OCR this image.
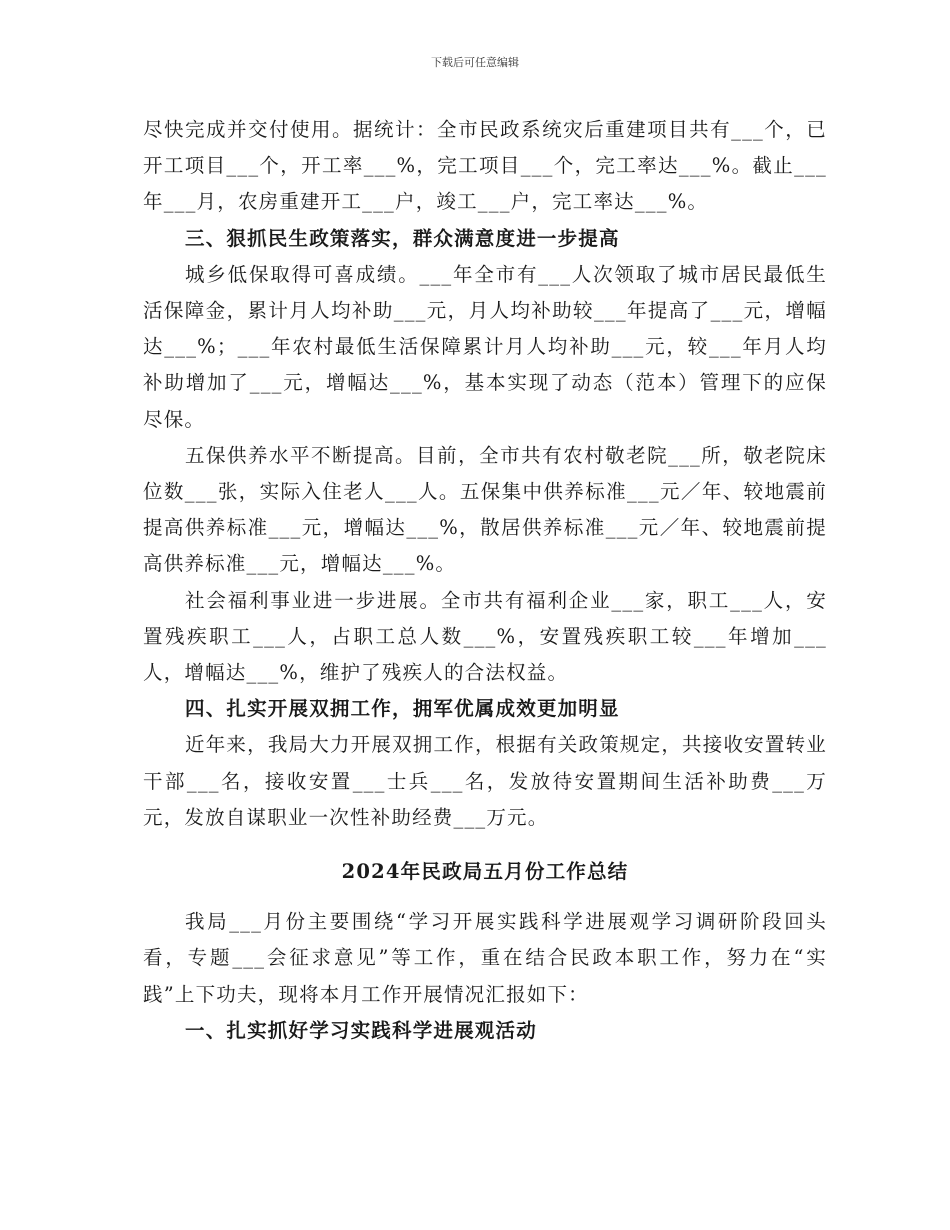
下载后可任意编辑

尽快完成并交付使用。据统计：全市民政系统灾后重建项目共有___个，已开工项目___个，开工率___%，完工项目___个，完工率达___%。截止___年___月，农房重建开工___户，竣工___户，完工率达___%。

三、狠抓民生政策落实，群众满意度进一步提高

城乡低保取得可喜成绩。___年全市有___人次领取了城市居民最低生活保障金，累计月人均补助___元，月人均补助较___年提高了___元，增幅达___%；___年农村最低生活保障累计月人均补助___元，较___年月人均补助增加了___元，增幅达___%，基本实现了动态（范本）管理下的应保尽保。

五保供养水平不断提高。目前，全市共有农村敬老院___所，敬老院床位数___张，实际入住老人___人。五保集中供养标准___元／年、较地震前提高供养标准___元，增幅达___%，散居供养标准___元／年、较地震前提高供养标准___元，增幅达___%。

社会福利事业进一步进展。全市共有福利企业___家，职工___人，安置残疾职工___人，占职工总人数___%，安置残疾职工较___年增加___人，增幅达___%，维护了残疾人的合法权益。

四、扎实开展双拥工作，拥军优属成效更加明显

近年来，我局大力开展双拥工作，根据有关政策规定，共接收安置转业干部___名，接收安置___士兵___名，发放待安置期间生活补助费___万元，发放自谋职业一次性补助经费___万元。

2024年民政局五月份工作总结

我局___月份主要围绕“学习开展实践科学进展观学习调研阶段回头看，专题___会征求意见”等工作，重在结合民政本职工作，努力在“实践”上下功夫，现将本月工作开展情况汇报如下：

一、扎实抓好学习实践科学进展观活动
